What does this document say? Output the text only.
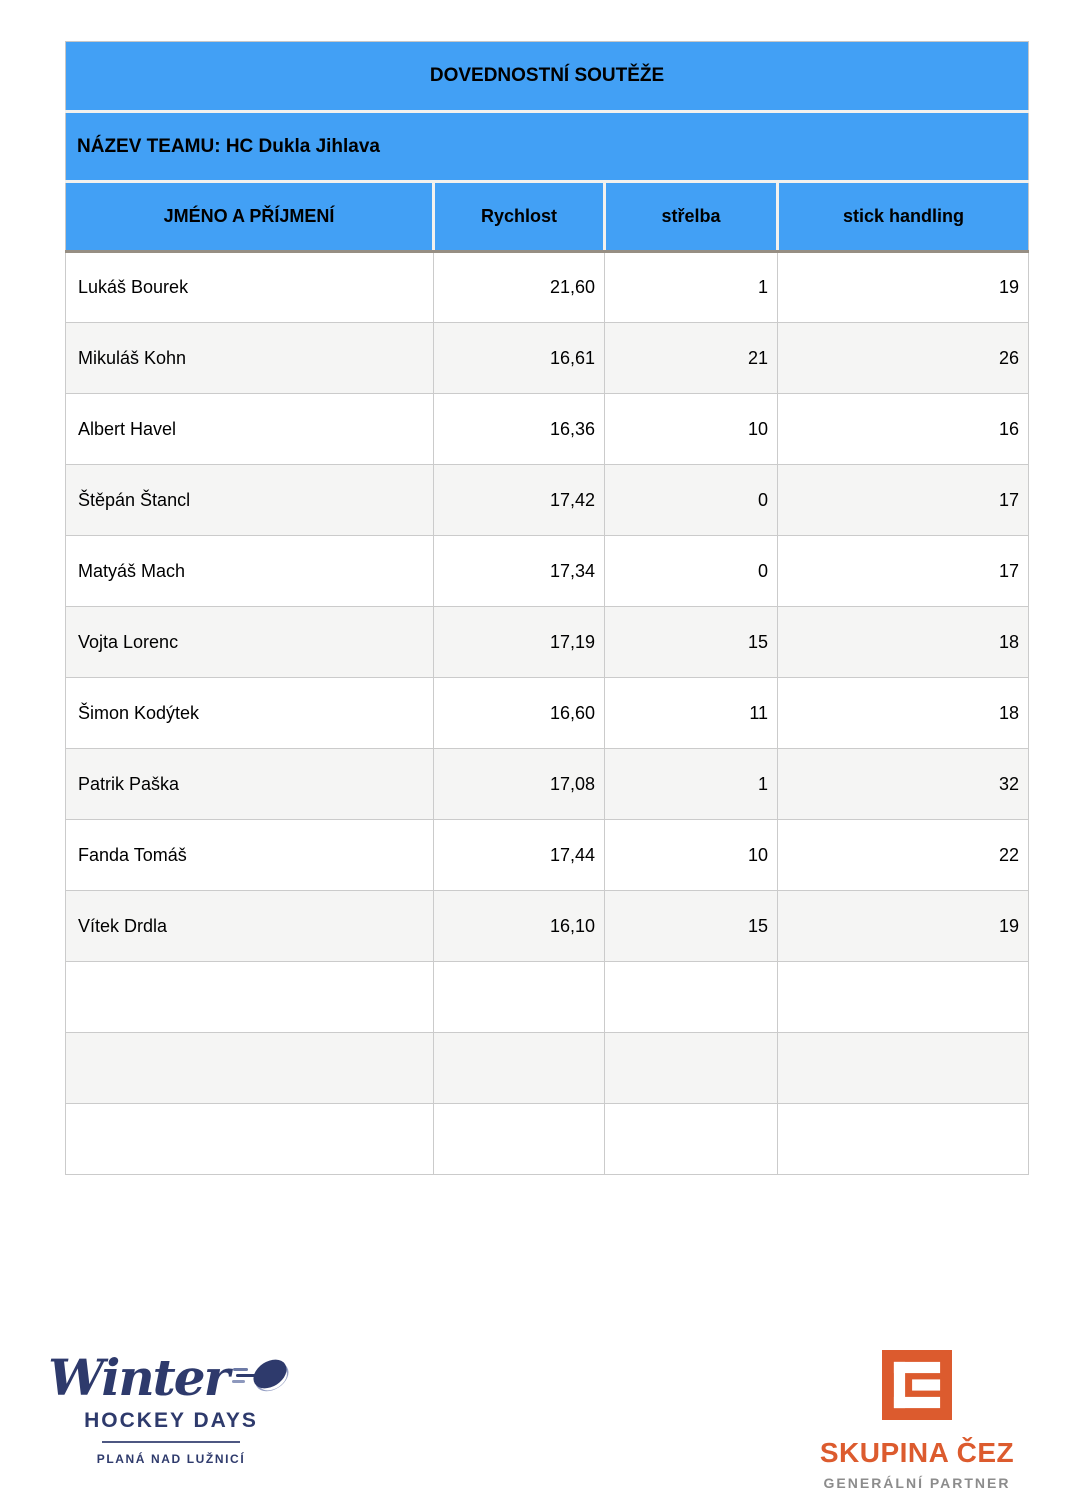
DOVEDNOSTNÍ SOUTĚŽE			
NÁZEV TEAMU: HC Dukla Jihlava			
JMÉNO A PŘÍJMENÍ	Rychlost	střelba	stick handling
Lukáš Bourek	21,60	1	19
Mikuláš Kohn	16,61	21	26
Albert Havel	16,36	10	16
Štěpán Štancl	17,42	0	17
Matyáš Mach	17,34	0	17
Vojta Lorenc	17,19	15	18
Šimon Kodýtek	16,60	11	18
Patrik Paška	17,08	1	32
Fanda Tomáš	17,44	10	22
Vítek Drdla	16,10	15	19

Winter
HOCKEY DAYS
PLANÁ NAD LUŽNICÍ	SKUPINA ČEZ
GENERÁLNÍ PARTNER
